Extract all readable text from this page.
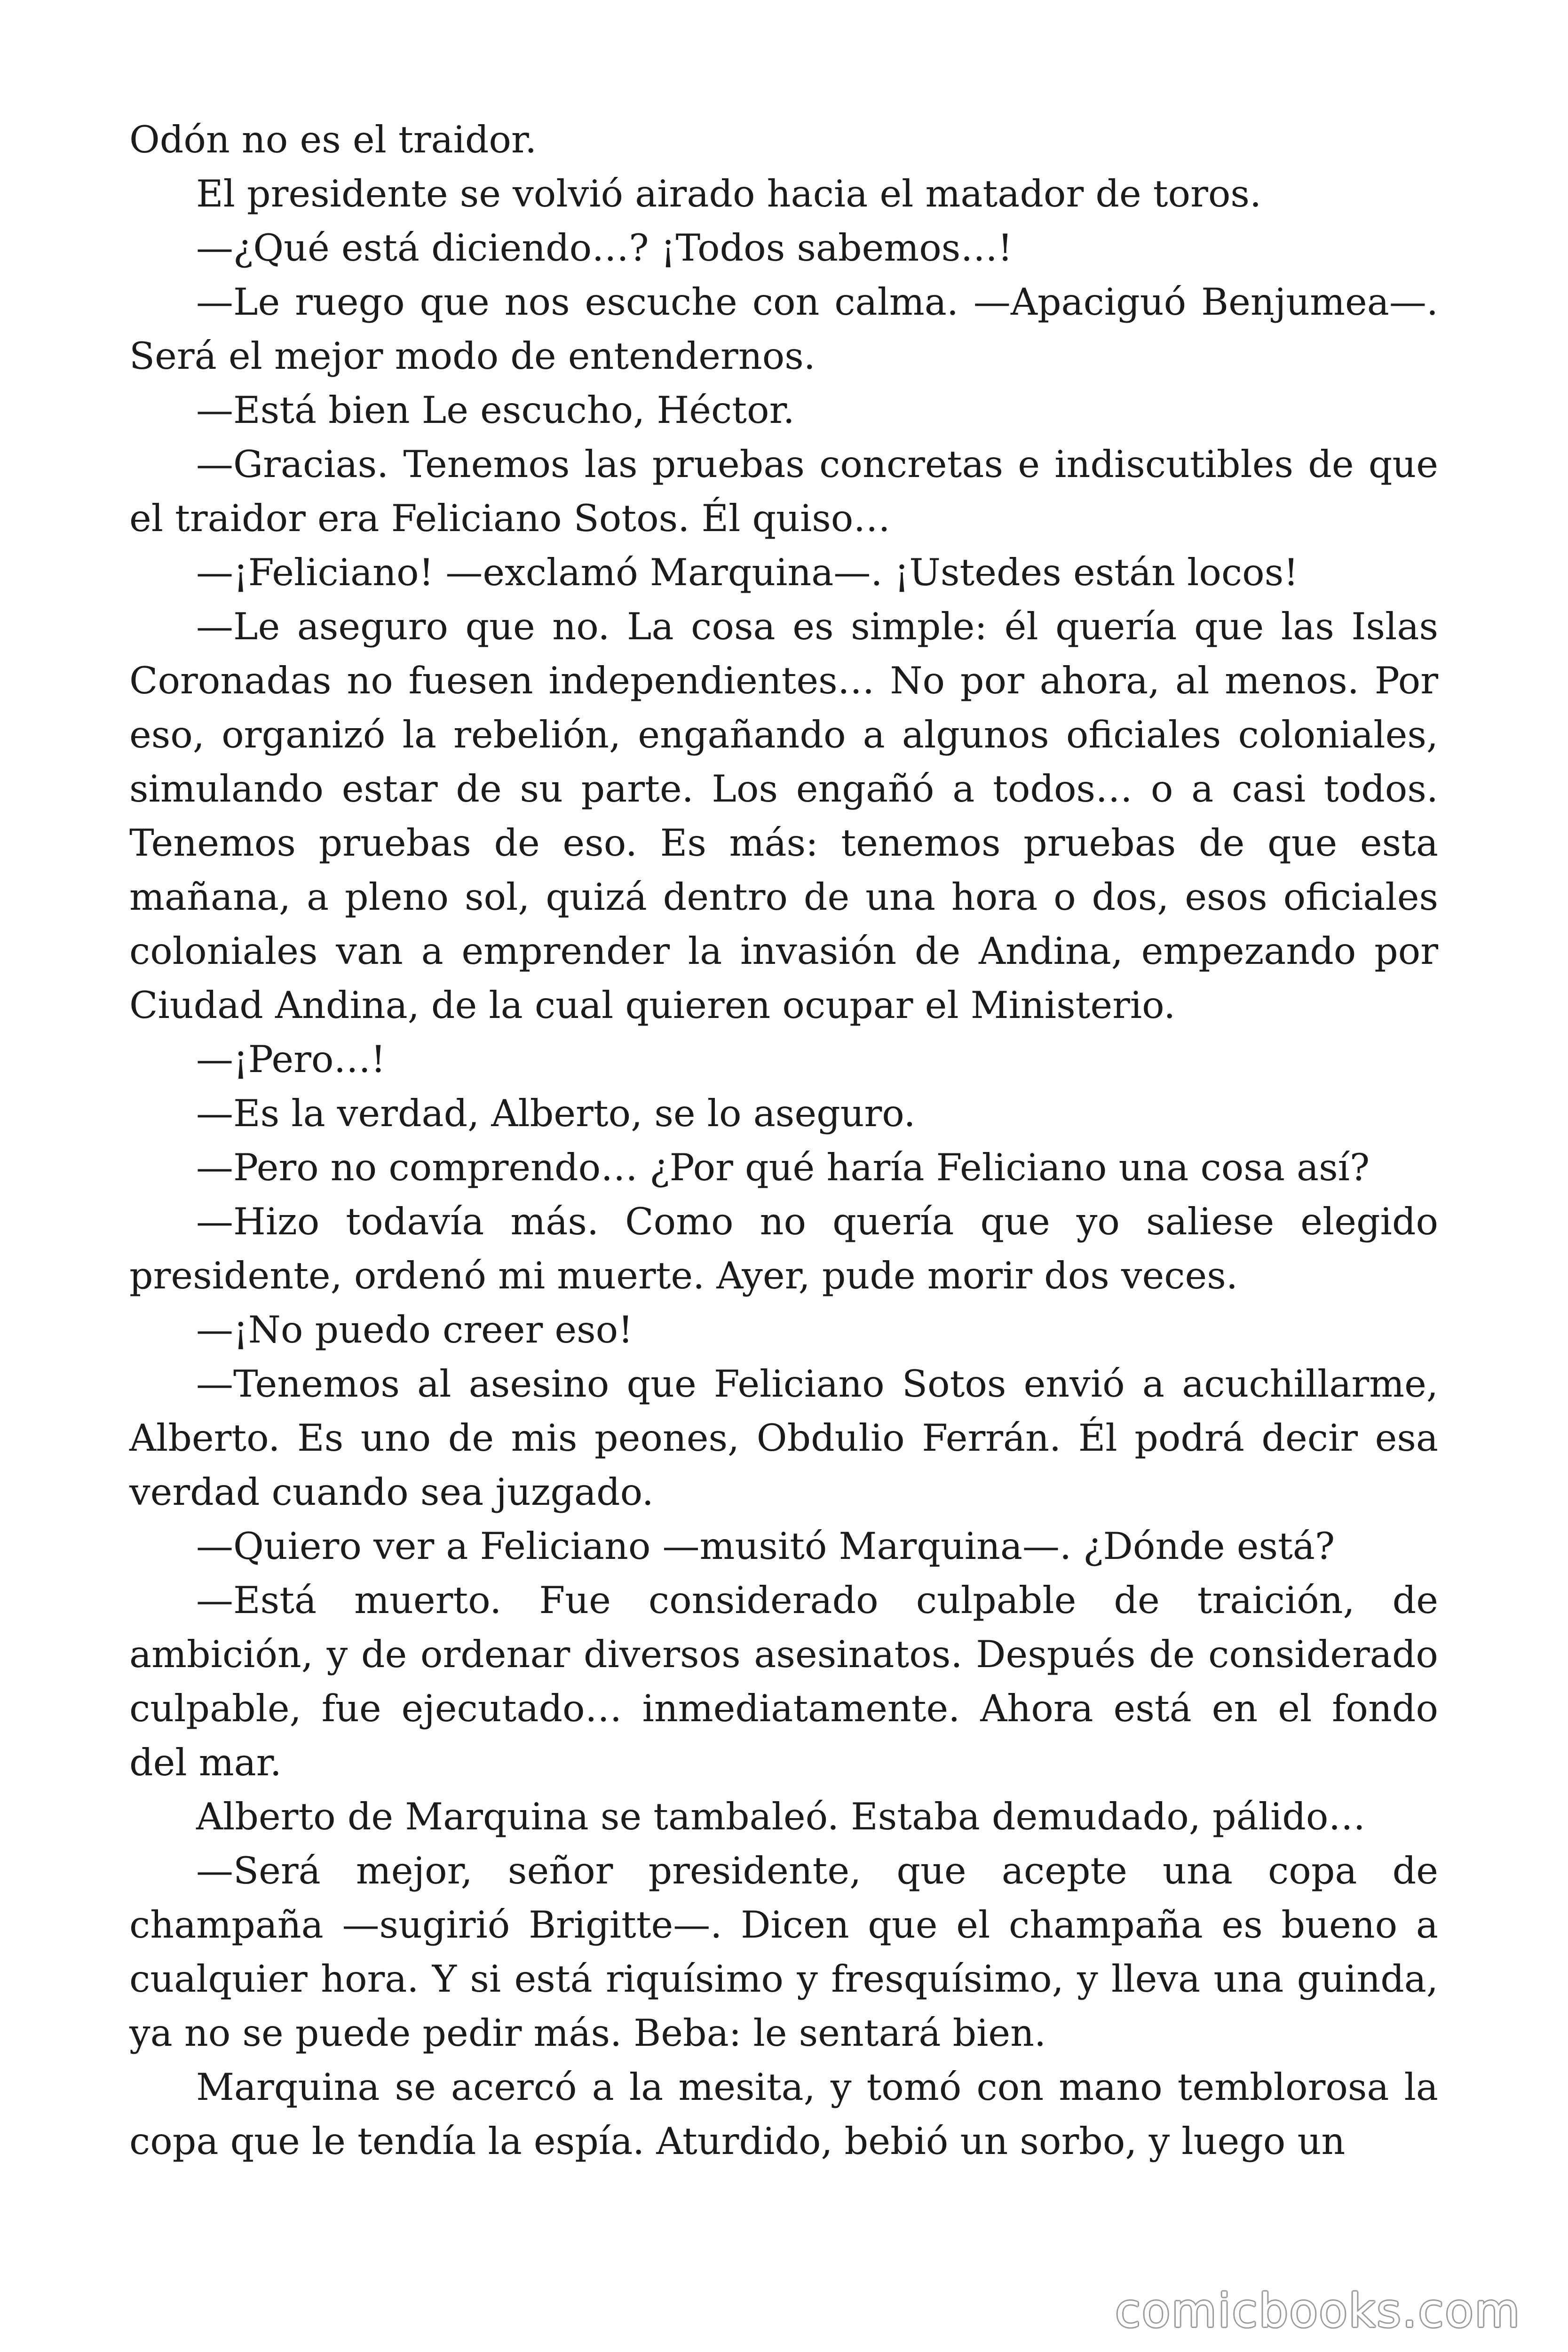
Odón no es el traidor.

El presidente se volvió airado hacia el matador de toros.

—¿Qué está diciendo…? ¡Todos sabemos…!

—Le ruego que nos escuche con calma. —Apaciguó Benjumea—. Será el mejor modo de entendernos.

—Está bien Le escucho, Héctor.

—Gracias. Tenemos las pruebas concretas e indiscutibles de que el traidor era Feliciano Sotos. Él quiso…

—¡Feliciano! —exclamó Marquina—. ¡Ustedes están locos!

—Le aseguro que no. La cosa es simple: él quería que las Islas Coronadas no fuesen independientes… No por ahora, al menos. Por eso, organizó la rebelión, engañando a algunos oficiales coloniales, simulando estar de su parte. Los engañó a todos… o a casi todos. Tenemos pruebas de eso. Es más: tenemos pruebas de que esta mañana, a pleno sol, quizá dentro de una hora o dos, esos oficiales coloniales van a emprender la invasión de Andina, empezando por Ciudad Andina, de la cual quieren ocupar el Ministerio.

—¡Pero…!

—Es la verdad, Alberto, se lo aseguro.

—Pero no comprendo… ¿Por qué haría Feliciano una cosa así?

—Hizo todavía más. Como no quería que yo saliese elegido presidente, ordenó mi muerte. Ayer, pude morir dos veces.

—¡No puedo creer eso!

—Tenemos al asesino que Feliciano Sotos envió a acuchillarme, Alberto. Es uno de mis peones, Obdulio Ferrán. Él podrá decir esa verdad cuando sea juzgado.

—Quiero ver a Feliciano —musitó Marquina—. ¿Dónde está?

—Está muerto. Fue considerado culpable de traición, de ambición, y de ordenar diversos asesinatos. Después de considerado culpable, fue ejecutado… inmediatamente. Ahora está en el fondo del mar.

Alberto de Marquina se tambaleó. Estaba demudado, pálido…

—Será mejor, señor presidente, que acepte una copa de champaña —sugirió Brigitte—. Dicen que el champaña es bueno a cualquier hora. Y si está riquísimo y fresquísimo, y lleva una guinda, ya no se puede pedir más. Beba: le sentará bien.

Marquina se acercó a la mesita, y tomó con mano temblorosa la copa que le tendía la espía. Aturdido, bebió un sorbo, y luego un

comicbooks.com
